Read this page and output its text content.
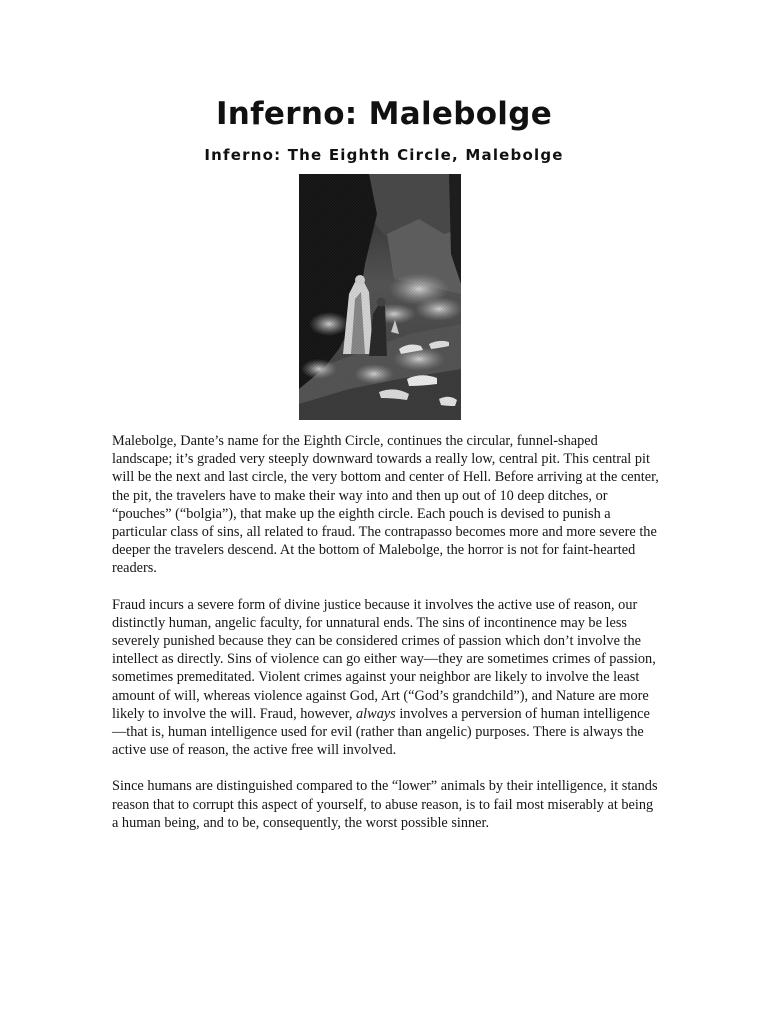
Inferno: Malebolge
Inferno: The Eighth Circle, Malebolge

Malebolge, Dante’s name for the Eighth Circle, continues the circular, funnel-shaped landscape; it’s graded very steeply downward towards a really low, central pit. This central pit will be the next and last circle, the very bottom and center of Hell. Before arriving at the center, the pit, the travelers have to make their way into and then up out of 10 deep ditches, or “pouches” (“bolgia”), that make up the eighth circle. Each pouch is devised to punish a particular class of sins, all related to fraud. The contrapasso becomes more and more severe the deeper the travelers descend. At the bottom of Malebolge, the horror is not for faint-hearted readers.

Fraud incurs a severe form of divine justice because it involves the active use of reason, our distinctly human, angelic faculty, for unnatural ends. The sins of incontinence may be less severely punished because they can be considered crimes of passion which don’t involve the intellect as directly. Sins of violence can go either way—they are sometimes crimes of passion, sometimes premeditated. Violent crimes against your neighbor are likely to involve the least amount of will, whereas violence against God, Art (“God’s grandchild”), and Nature are more likely to involve the will. Fraud, however, always involves a perversion of human intelligence—that is, human intelligence used for evil (rather than angelic) purposes. There is always the active use of reason, the active free will involved.

Since humans are distinguished compared to the “lower” animals by their intelligence, it stands reason that to corrupt this aspect of yourself, to abuse reason, is to fail most miserably at being a human being, and to be, consequently, the worst possible sinner.
